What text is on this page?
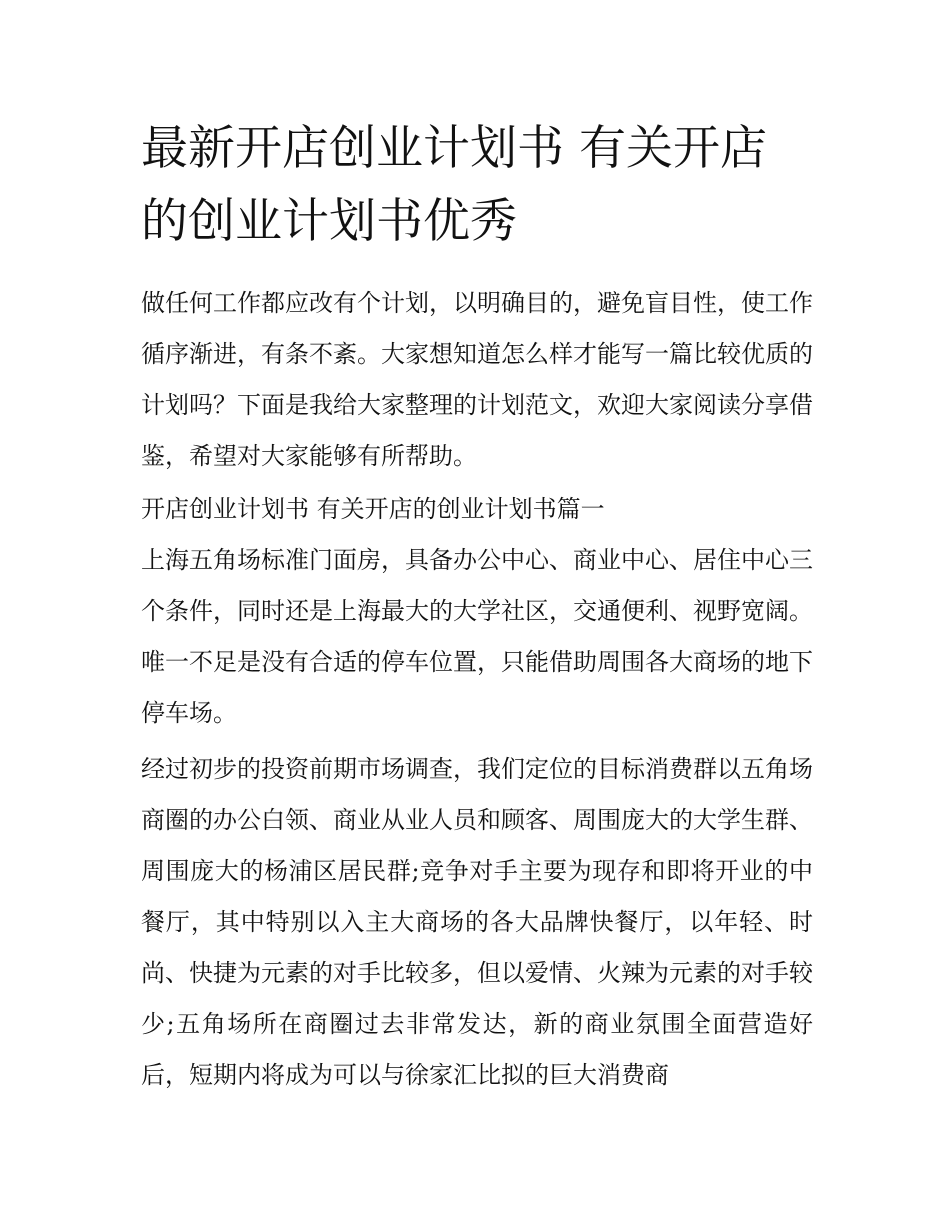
最新开店创业计划书 有关开店的创业计划书优秀

做任何工作都应改有个计划，以明确目的，避免盲目性，使工作循序渐进，有条不紊。大家想知道怎么样才能写一篇比较优质的计划吗？下面是我给大家整理的计划范文，欢迎大家阅读分享借鉴，希望对大家能够有所帮助。

开店创业计划书 有关开店的创业计划书篇一

上海五角场标准门面房，具备办公中心、商业中心、居住中心三个条件，同时还是上海最大的大学社区，交通便利、视野宽阔。唯一不足是没有合适的停车位置，只能借助周围各大商场的地下停车场。

经过初步的投资前期市场调查，我们定位的目标消费群以五角场商圈的办公白领、商业从业人员和顾客、周围庞大的大学生群、周围庞大的杨浦区居民群;竞争对手主要为现存和即将开业的中餐厅，其中特别以入主大商场的各大品牌快餐厅，以年轻、时尚、快捷为元素的对手比较多，但以爱情、火辣为元素的对手较少;五角场所在商圈过去非常发达，新的商业氛围全面营造好后，短期内将成为可以与徐家汇比拟的巨大消费商
